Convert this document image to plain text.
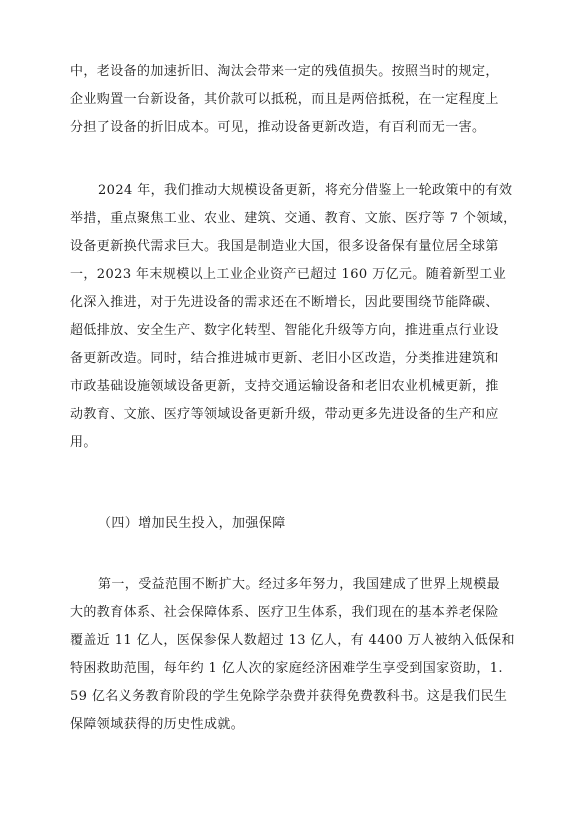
中，老设备的加速折旧、淘汰会带来一定的残值损失。按照当时的规定，
企业购置一台新设备，其价款可以抵税，而且是两倍抵税，在一定程度上
分担了设备的折旧成本。可见，推动设备更新改造，有百利而无一害。
2024 年，我们推动大规模设备更新，将充分借鉴上一轮政策中的有效
举措，重点聚焦工业、农业、建筑、交通、教育、文旅、医疗等 7 个领域，
设备更新换代需求巨大。我国是制造业大国，很多设备保有量位居全球第
一，2023 年末规模以上工业企业资产已超过 160 万亿元。随着新型工业
化深入推进，对于先进设备的需求还在不断增长，因此要围绕节能降碳、
超低排放、安全生产、数字化转型、智能化升级等方向，推进重点行业设
备更新改造。同时，结合推进城市更新、老旧小区改造，分类推进建筑和
市政基础设施领域设备更新，支持交通运输设备和老旧农业机械更新，推
动教育、文旅、医疗等领域设备更新升级，带动更多先进设备的生产和应
用。
（四）增加民生投入，加强保障
第一，受益范围不断扩大。经过多年努力，我国建成了世界上规模最
大的教育体系、社会保障体系、医疗卫生体系，我们现在的基本养老保险
覆盖近 11 亿人，医保参保人数超过 13 亿人，有 4400 万人被纳入低保和
特困救助范围，每年约 1 亿人次的家庭经济困难学生享受到国家资助，1.
59 亿名义务教育阶段的学生免除学杂费并获得免费教科书。这是我们民生
保障领域获得的历史性成就。
